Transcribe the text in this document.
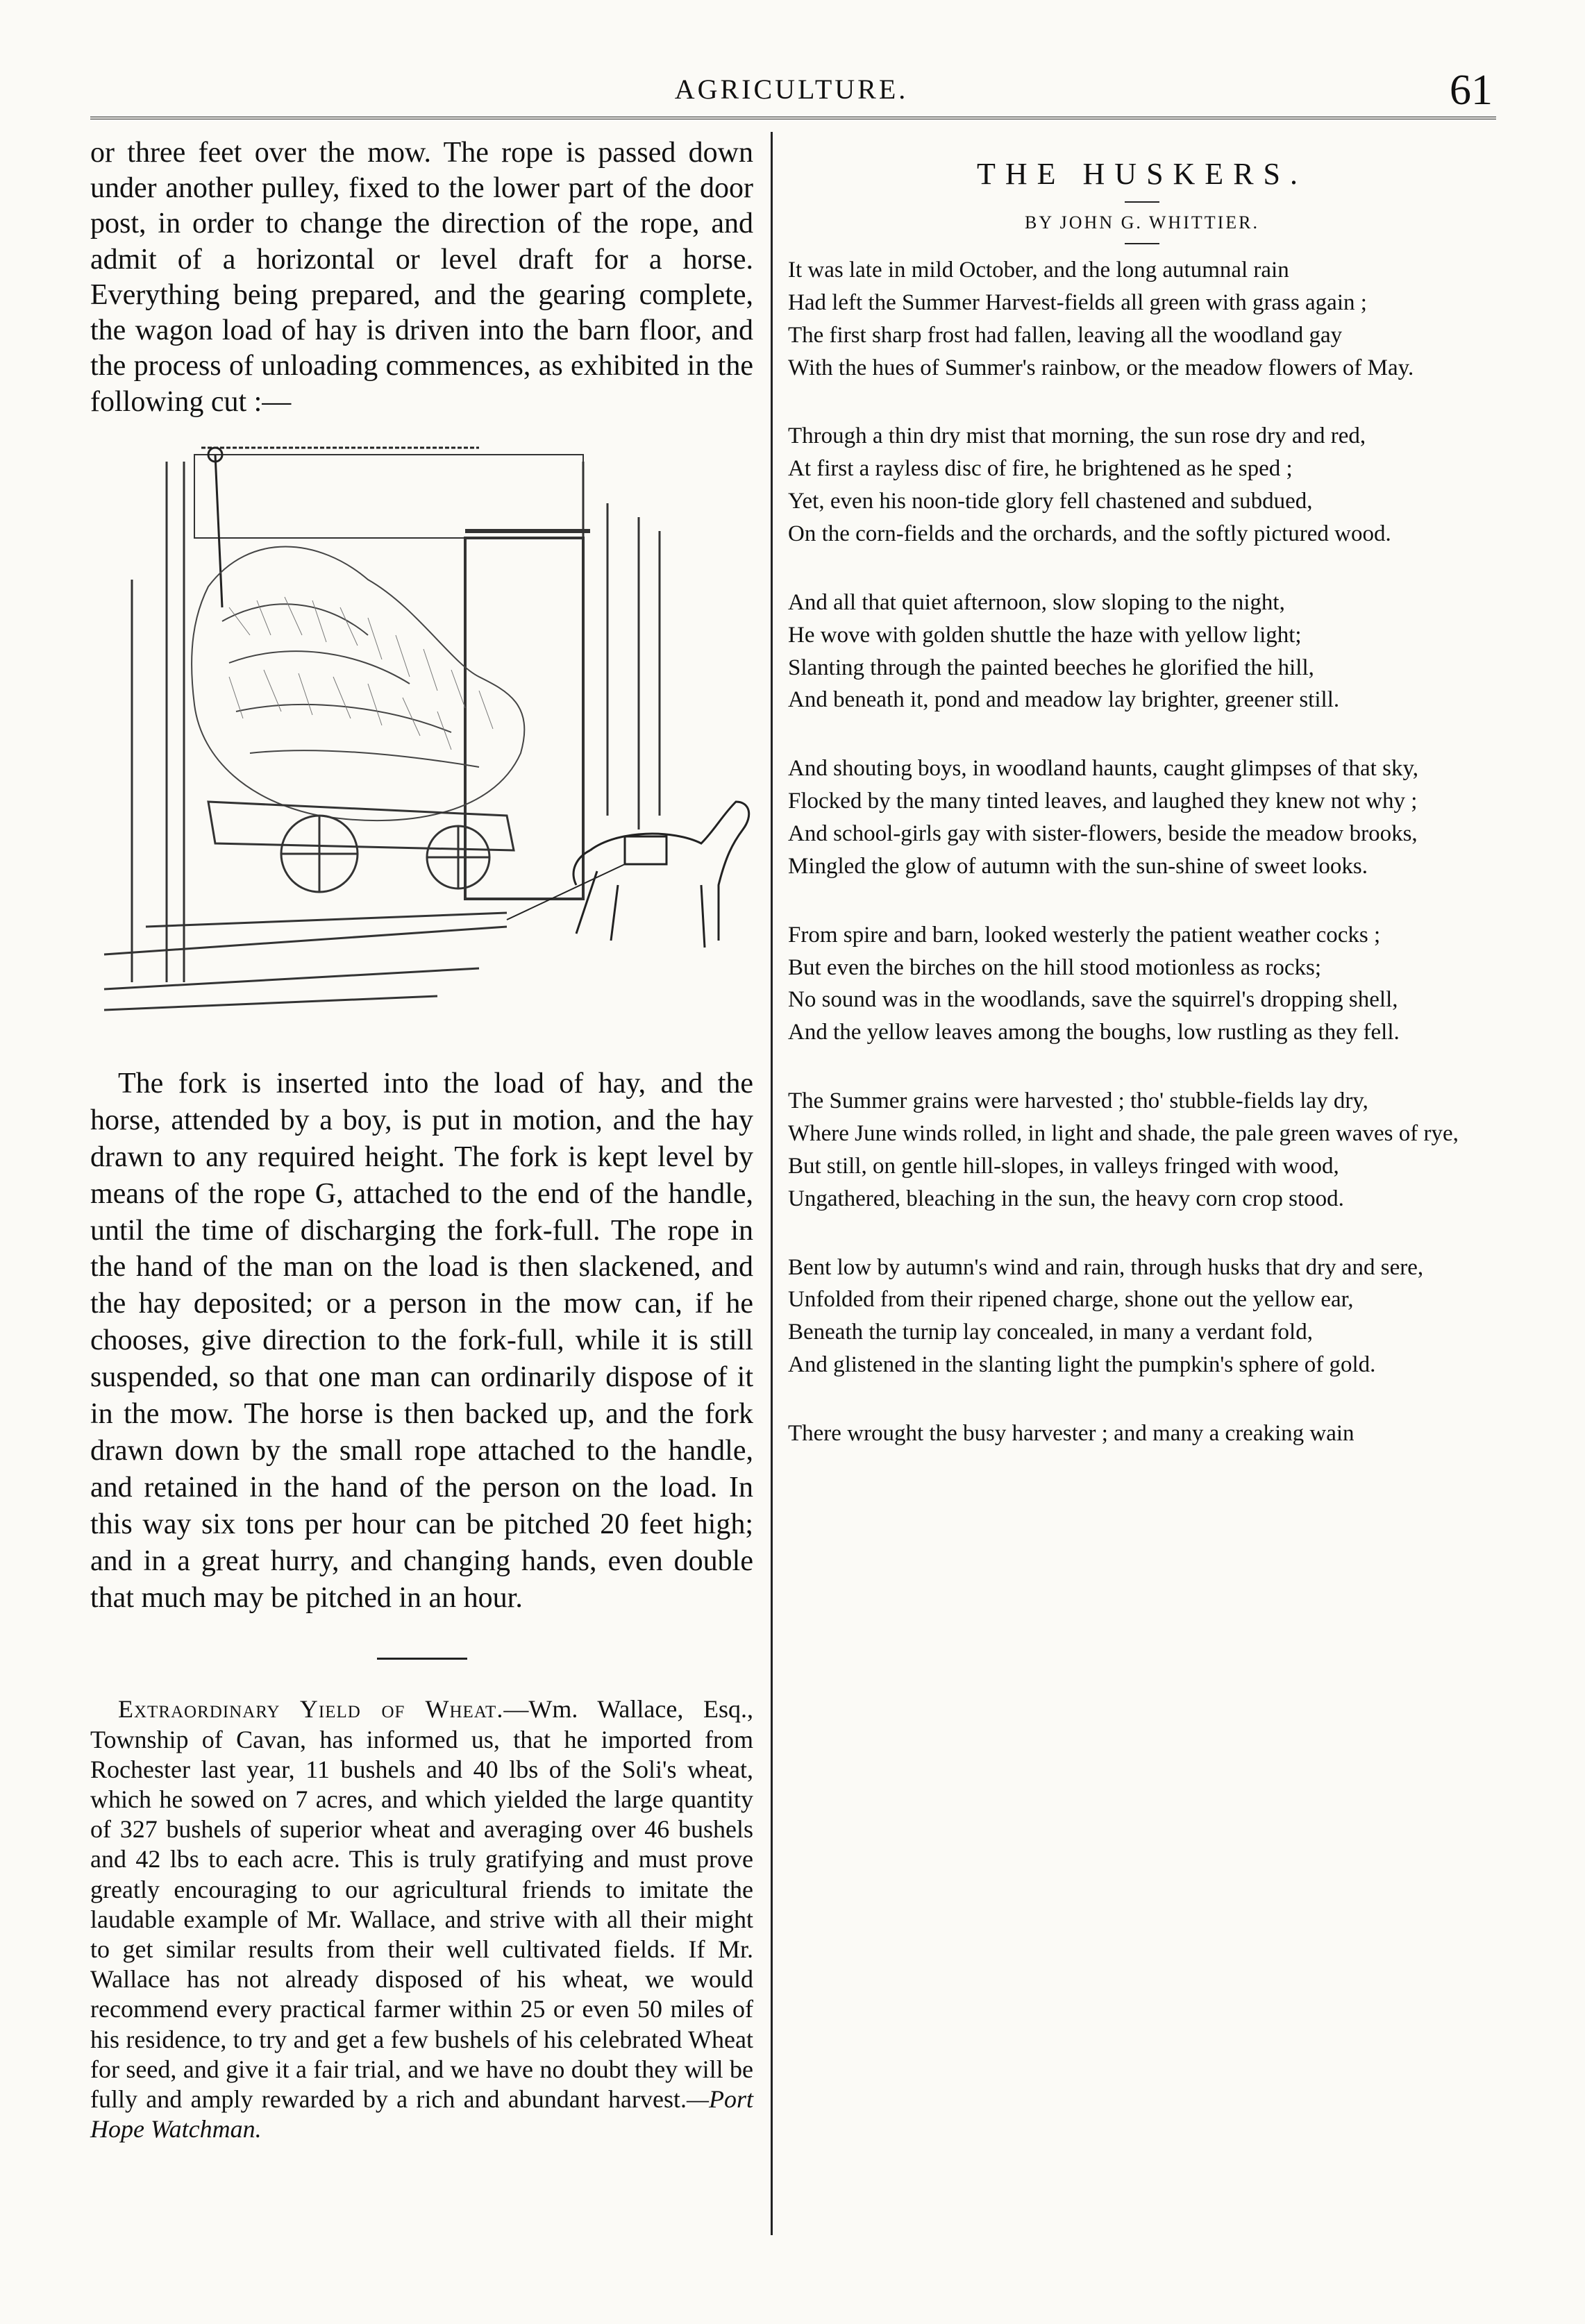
AGRICULTURE.	61

or three feet over the mow. The rope is passed down under another pulley, fixed to the lower part of the door post, in order to change the direction of the rope, and admit of a horizontal or level draft for a horse. Everything being prepared, and the gearing complete, the wagon load of hay is driven into the barn floor, and the process of unloading commences, as exhibited in the following cut :—

The fork is inserted into the load of hay, and the horse, attended by a boy, is put in motion, and the hay drawn to any required height. The fork is kept level by means of the rope G, attached to the end of the handle, until the time of discharging the fork-full. The rope in the hand of the man on the load is then slackened, and the hay deposited; or a person in the mow can, if he chooses, give direction to the fork-full, while it is still suspended, so that one man can ordinarily dispose of it in the mow. The horse is then backed up, and the fork drawn down by the small rope attached to the handle, and retained in the hand of the person on the load. In this way six tons per hour can be pitched 20 feet high; and in a great hurry, and changing hands, even double that much may be pitched in an hour.

Extraordinary Yield of Wheat.—Wm. Wallace, Esq., Township of Cavan, has informed us, that he imported from Rochester last year, 11 bushels and 40 lbs of the Soli's wheat, which he sowed on 7 acres, and which yielded the large quantity of 327 bushels of superior wheat and averaging over 46 bushels and 42 lbs to each acre. This is truly gratifying and must prove greatly encouraging to our agricultural friends to imitate the laudable example of Mr. Wallace, and strive with all their might to get similar results from their well cultivated fields. If Mr. Wallace has not already disposed of his wheat, we would recommend every practical farmer within 25 or even 50 miles of his residence, to try and get a few bushels of his celebrated Wheat for seed, and give it a fair trial, and we have no doubt they will be fully and amply rewarded by a rich and abundant harvest.—Port Hope Watchman.

THE HUSKERS.
BY JOHN G. WHITTIER.

It was late in mild October, and the long autumnal rain

Had left the Summer Harvest-fields all green with grass again ;

The first sharp frost had fallen, leaving all the woodland gay

With the hues of Summer's rainbow, or the meadow flowers of May.

Through a thin dry mist that morning, the sun rose dry and red,

At first a rayless disc of fire, he brightened as he sped ;

Yet, even his noon-tide glory fell chastened and subdued,

On the corn-fields and the orchards, and the softly pictured wood.

And all that quiet afternoon, slow sloping to the night,

He wove with golden shuttle the haze with yellow light;

Slanting through the painted beeches he glorified the hill,

And beneath it, pond and meadow lay brighter, greener still.

And shouting boys, in woodland haunts, caught glimpses of that sky,

Flocked by the many tinted leaves, and laughed they knew not why ;

And school-girls gay with sister-flowers, beside the meadow brooks,

Mingled the glow of autumn with the sun-shine of sweet looks.

From spire and barn, looked westerly the patient weather cocks ;

But even the birches on the hill stood motionless as rocks;

No sound was in the woodlands, save the squirrel's dropping shell,

And the yellow leaves among the boughs, low rustling as they fell.

The Summer grains were harvested ; tho' stubble-fields lay dry,

Where June winds rolled, in light and shade, the pale green waves of rye,

But still, on gentle hill-slopes, in valleys fringed with wood,

Ungathered, bleaching in the sun, the heavy corn crop stood.

Bent low by autumn's wind and rain, through husks that dry and sere,

Unfolded from their ripened charge, shone out the yellow ear,

Beneath the turnip lay concealed, in many a verdant fold,

And glistened in the slanting light the pumpkin's sphere of gold.

There wrought the busy harvester ; and many a creaking wain
